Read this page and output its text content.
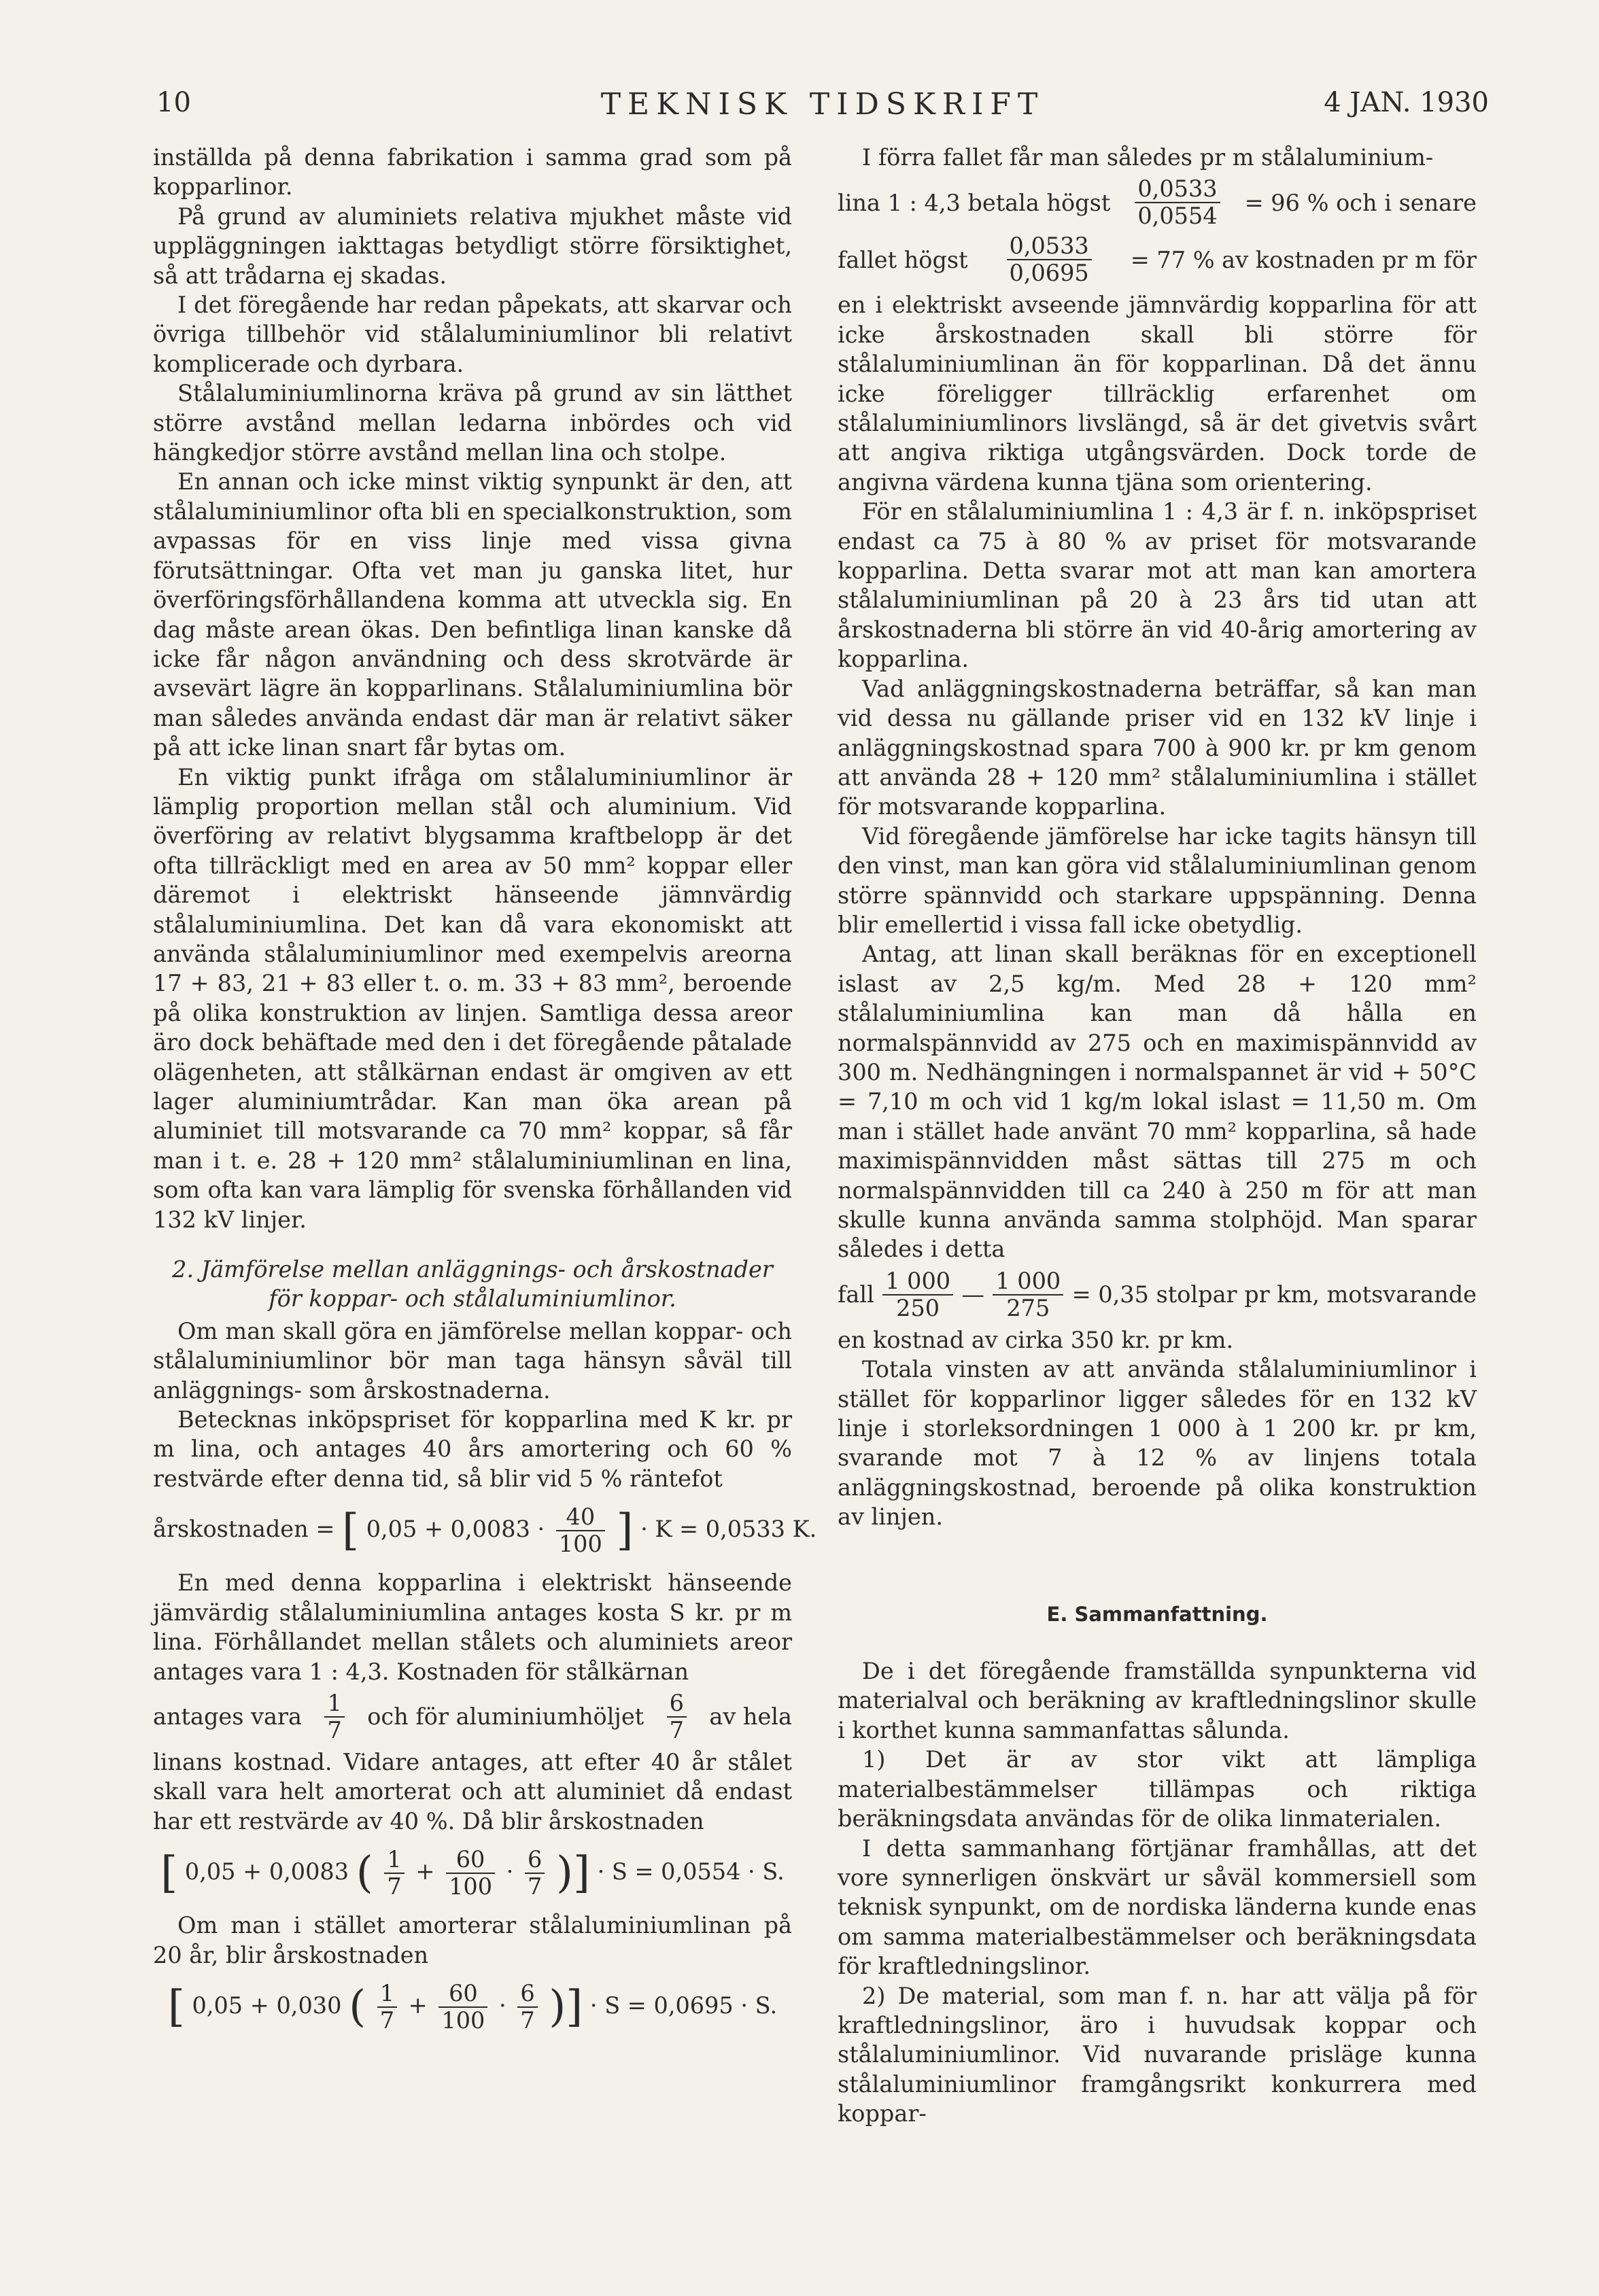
10	TEKNISK TIDSKRIFT	4 JAN. 1930

inställda på denna fabrikation i samma grad som på kopparlinor.

På grund av aluminiets relativa mjukhet måste vid uppläggningen iakttagas betydligt större försiktighet, så att trådarna ej skadas.

I det föregående har redan påpekats, att skarvar och övriga tillbehör vid stålaluminiumlinor bli relativt komplicerade och dyrbara.

Stålaluminiumlinorna kräva på grund av sin lätthet större avstånd mellan ledarna inbördes och vid hängkedjor större avstånd mellan lina och stolpe.

En annan och icke minst viktig synpunkt är den, att stålaluminiumlinor ofta bli en specialkonstruktion, som avpassas för en viss linje med vissa givna förutsättningar. Ofta vet man ju ganska litet, hur överföringsförhållandena komma att utveckla sig. En dag måste arean ökas. Den befintliga linan kanske då icke får någon användning och dess skrotvärde är avsevärt lägre än kopparlinans. Stålaluminiumlina bör man således använda endast där man är relativt säker på att icke linan snart får bytas om.

En viktig punkt ifråga om stålaluminiumlinor är lämplig proportion mellan stål och aluminium. Vid överföring av relativt blygsamma kraftbelopp är det ofta tillräckligt med en area av 50 mm² koppar eller däremot i elektriskt hänseende jämnvärdig stålaluminiumlina. Det kan då vara ekonomiskt att använda stålaluminiumlinor med exempelvis areorna 17 + 83, 21 + 83 eller t. o. m. 33 + 83 mm², beroende på olika konstruktion av linjen. Samtliga dessa areor äro dock behäftade med den i det föregående påtalade olägenheten, att stålkärnan endast är omgiven av ett lager aluminiumtrådar. Kan man öka arean på aluminiet till motsvarande ca 70 mm² koppar, så får man i t. e. 28 + 120 mm² stålaluminiumlinan en lina, som ofta kan vara lämplig för svenska förhållanden vid 132 kV linjer.

2. Jämförelse mellan anläggnings- och årskostnader
för koppar- och stålaluminiumlinor.

Om man skall göra en jämförelse mellan koppar- och stålaluminiumlinor bör man taga hänsyn såväl till anläggnings- som årskostnaderna.

Betecknas inköpspriset för kopparlina med K kr. pr m lina, och antages 40 års amortering och 60 % restvärde efter denna tid, så blir vid 5 % räntefot

årskostnaden = [ $0,05 + 0,0083 \cdot \frac{40}{100}$ ] · K = 0,0533 K.

En med denna kopparlina i elektriskt hänseende jämvärdig stålaluminiumlina antages kosta S kr. pr m lina. Förhållandet mellan stålets och aluminiets areor antages vara 1 : 4,3. Kostnaden för stålkärnan

antages vara $\frac{1}{7}$ och för aluminiumhöljet $\frac{6}{7}$ av hela

linans kostnad. Vidare antages, att efter 40 år stålet skall vara helt amorterat och att aluminiet då endast har ett restvärde av 40 %. Då blir årskostnaden

[ 0,05 + 0,0083 ( $\frac{1}{7} + \frac{60}{100} \cdot \frac{6}{7}$ )] · S = 0,0554 · S.

Om man i stället amorterar stålaluminiumlinan på 20 år, blir årskostnaden

[ 0,05 + 0,030 ( $\frac{1}{7} + \frac{60}{100} \cdot \frac{6}{7}$ )] · S = 0,0695 · S.

I förra fallet får man således pr m stålaluminium-

lina 1 : 4,3 betala högst $\frac{0,0533}{0,0554} = 96$ % och i senare
fallet högst $\frac{0,0533}{0,0695} = 77$ % av kostnaden pr m för

en i elektriskt avseende jämnvärdig kopparlina för att icke årskostnaden skall bli större för stålaluminiumlinan än för kopparlinan. Då det ännu icke föreligger tillräcklig erfarenhet om stålaluminiumlinors livslängd, så är det givetvis svårt att angiva riktiga utgångsvärden. Dock torde de angivna värdena kunna tjäna som orientering.

För en stålaluminiumlina 1 : 4,3 är f. n. inköpspriset endast ca 75 à 80 % av priset för motsvarande kopparlina. Detta svarar mot att man kan amortera stålaluminiumlinan på 20 à 23 års tid utan att årskostnaderna bli större än vid 40-årig amortering av kopparlina.

Vad anläggningskostnaderna beträffar, så kan man vid dessa nu gällande priser vid en 132 kV linje i anläggningskostnad spara 700 à 900 kr. pr km genom att använda 28 + 120 mm² stålaluminiumlina i stället för motsvarande kopparlina.

Vid föregående jämförelse har icke tagits hänsyn till den vinst, man kan göra vid stålaluminiumlinan genom större spännvidd och starkare uppspänning. Denna blir emellertid i vissa fall icke obetydlig.

Antag, att linan skall beräknas för en exceptionell islast av 2,5 kg/m. Med 28 + 120 mm² stålaluminiumlina kan man då hålla en normalspännvidd av 275 och en maximispännvidd av 300 m. Nedhängningen i normalspannet är vid + 50°C = 7,10 m och vid 1 kg/m lokal islast = 11,50 m. Om man i stället hade använt 70 mm² kopparlina, så hade maximispännvidden måst sättas till 275 m och normalspännvidden till ca 240 à 250 m för att man skulle kunna använda samma stolphöjd. Man sparar således i detta

fall $\frac{1 000}{250}$ — $\frac{1 000}{275} = 0,35$ stolpar pr km, motsvarande

en kostnad av cirka 350 kr. pr km.

Totala vinsten av att använda stålaluminiumlinor i stället för kopparlinor ligger således för en 132 kV linje i storleksordningen 1 000 à 1 200 kr. pr km, svarande mot 7 à 12 % av linjens totala anläggningskostnad, beroende på olika konstruktion av linjen.

E. Sammanfattning.

De i det föregående framställda synpunkterna vid materialval och beräkning av kraftledningslinor skulle i korthet kunna sammanfattas sålunda.

1) Det är av stor vikt att lämpliga materialbestämmelser tillämpas och riktiga beräkningsdata användas för de olika linmaterialen.

I detta sammanhang förtjänar framhållas, att det vore synnerligen önskvärt ur såväl kommersiell som teknisk synpunkt, om de nordiska länderna kunde enas om samma materialbestämmelser och beräkningsdata för kraftledningslinor.

2) De material, som man f. n. har att välja på för kraftledningslinor, äro i huvudsak koppar och stålaluminiumlinor. Vid nuvarande prisläge kunna stålaluminiumlinor framgångsrikt konkurrera med koppar-
